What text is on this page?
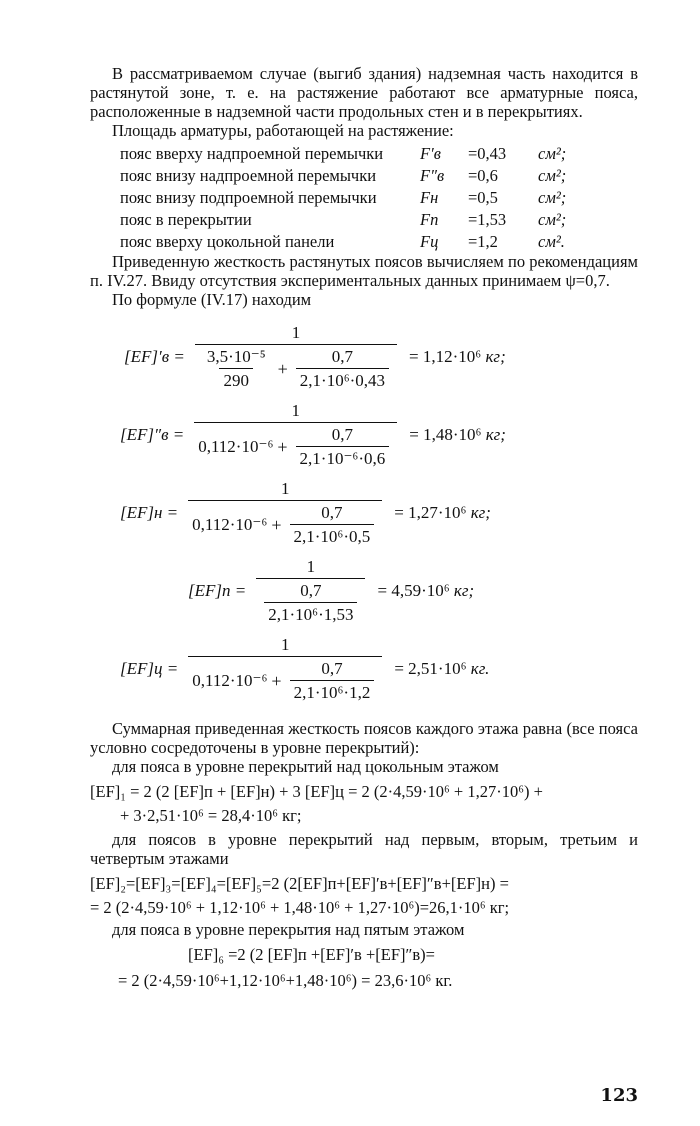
В рассматриваемом случае (выгиб здания) надземная часть находится в растянутой зоне, т. е. на растяжение работают все арматурные пояса, расположенные в надземной части продольных стен и в перекрытиях.

Площадь арматуры, работающей на растяжение:

пояс вверху надпроемной перемычки	F′в	=0,43	см²;
пояс внизу надпроемной перемычки	F″в	=0,6	см²;
пояс внизу подпроемной перемычки	Fн	=0,5	см²;
пояс в перекрытии	Fп	=1,53	см²;
пояс вверху цокольной панели	Fц	=1,2	см².

Приведенную жесткость растянутых поясов вычисляем по рекомендациям п. IV.27. Ввиду отсутствия экспериментальных данных принимаем ψ=0,7.

По формуле (IV.17) находим

$[EF]'в = \frac{1}{\frac{\text{3,5·10⁻⁵}}{290} + \frac{0,7}{\text{2,1·10⁶·0,43}}} = 1,12\cdot 10^6$ кг;
$[EF]''в = \frac{1}{0,112\cdot 10^{-6} + \frac{0,7}{\text{2,1·10⁻⁶·0,6}}} = 1,48\cdot 10^6$ кг;
$[EF]н = \frac{1}{0,112\cdot 10^{-6} + \frac{0,7}{\text{2,1·10⁶·0,5}}} = 1,27\cdot 10^6$ кг;
$[EF]п = \frac{1}{\frac{0,7}{\text{2,1·10⁶·1,53}}} = 4,59\cdot 10^6$ кг;
$[EF]ц = \frac{1}{0,112\cdot 10^{-6} + \frac{0,7}{\text{2,1·10⁶·1,2}}} = 2,51\cdot 10^6$ кг.

Суммарная приведенная жесткость поясов каждого этажа равна (все пояса условно сосредоточены в уровне перекрытий):

для пояса в уровне перекрытий над цокольным этажом

[EF]₁ = 2 (2 [EF]п + [EF]н) + 3 [EF]ц = 2 (2·4,59·10⁶ + 1,27·10⁶) +
+ 3·2,51·10⁶ = 28,4·10⁶ кг;

для поясов в уровне перекрытий над первым, вторым, третьим и четвертым этажами

[EF]₂=[EF]₃=[EF]₄=[EF]₅=2 (2[EF]п+[EF]′в+[EF]″в+[EF]н) =
= 2 (2·4,59·10⁶ + 1,12·10⁶ + 1,48·10⁶ + 1,27·10⁶)=26,1·10⁶ кг;

для пояса в уровне перекрытия над пятым этажом

[EF]₆ =2 (2 [EF]п +[EF]′в +[EF]″в)=
= 2 (2·4,59·10⁶+1,12·10⁶+1,48·10⁶) = 23,6·10⁶ кг.
123
